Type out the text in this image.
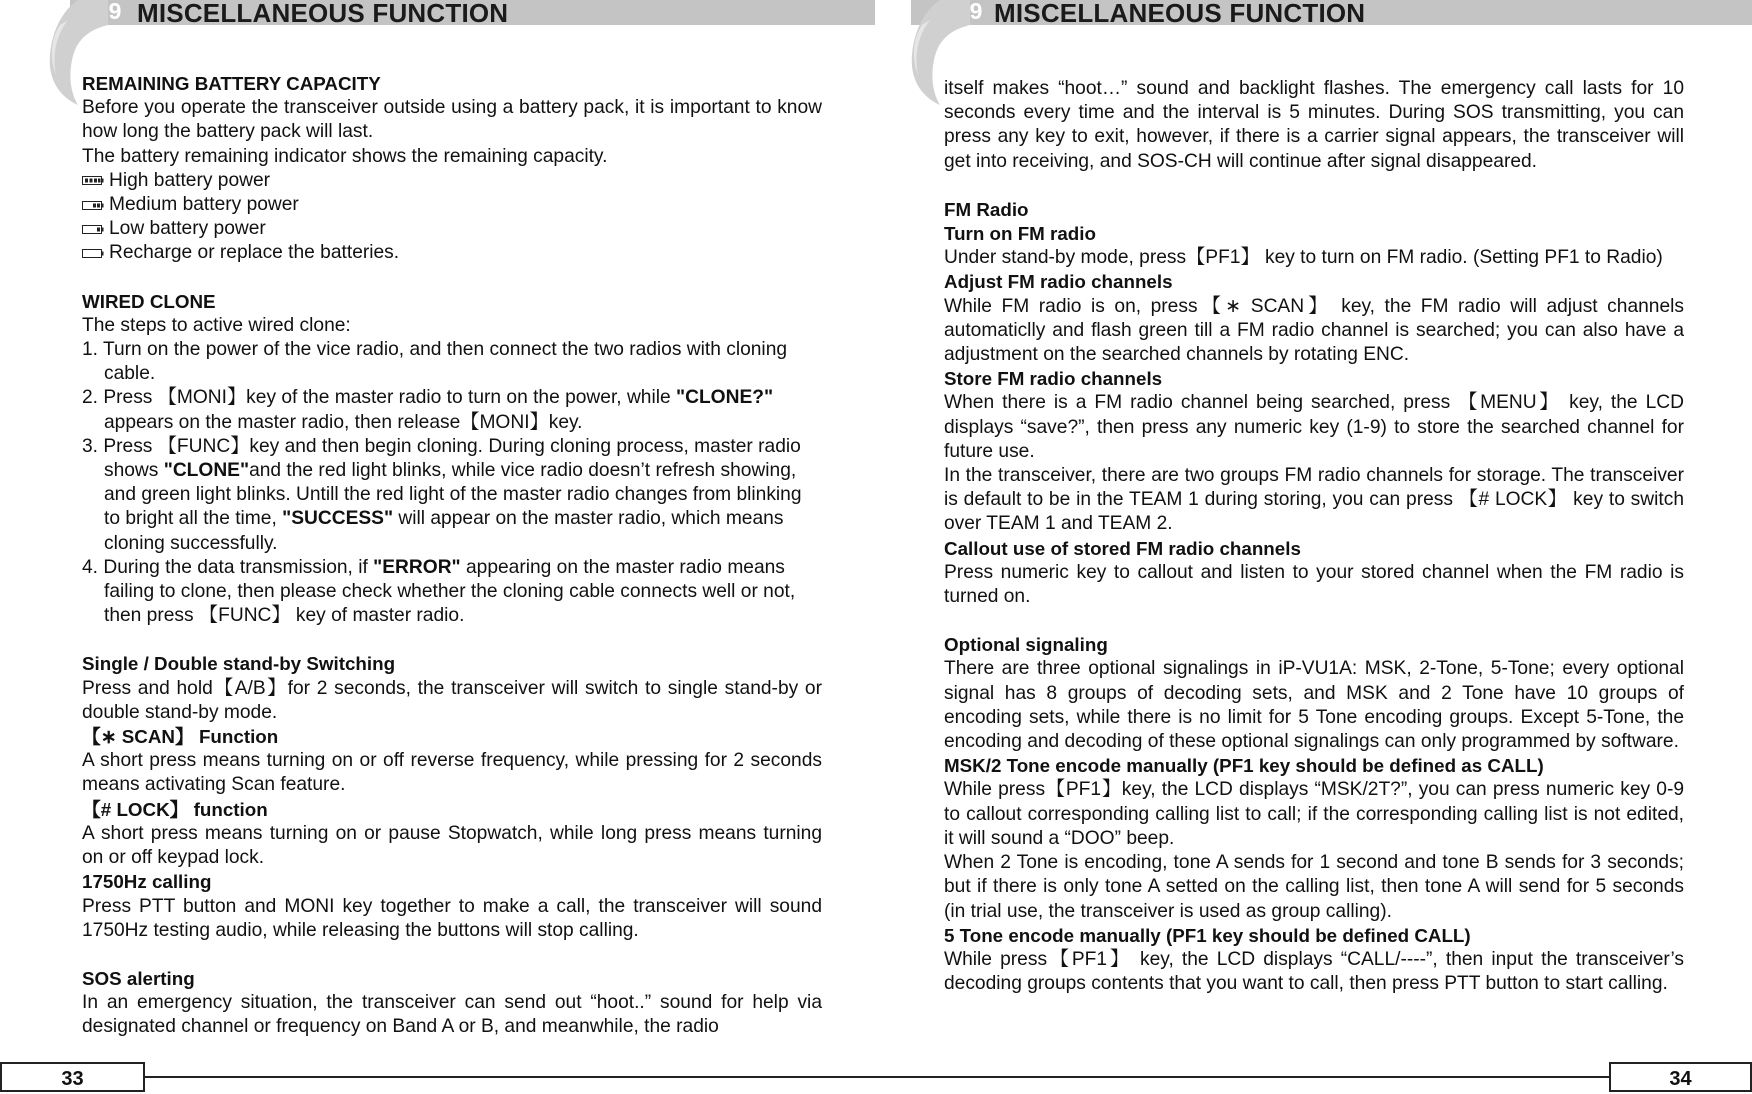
9 MISCELLANEOUS FUNCTION

REMAINING BATTERY CAPACITY

Before you operate the transceiver outside using a battery pack, it is important to know how long the battery pack will last.

The battery remaining indicator shows the remaining capacity.

High battery power

Medium battery power

Low battery power

Recharge or replace the batteries.

WIRED CLONE

The steps to active wired clone:

1. Turn on the power of the vice radio, and then connect the two radios with cloning cable.

2. Press 【MONI】key of the master radio to turn on the power, while "CLONE?" appears on the master radio, then release【MONI】key.

3. Press 【FUNC】key and then begin cloning. During cloning process, master radio shows "CLONE"and the red light blinks, while vice radio doesn’t refresh showing, and green light blinks. Untill the red light of the master radio changes from blinking to bright all the time, "SUCCESS" will appear on the master radio, which means cloning successfully.

4. During the data transmission, if "ERROR" appearing on the master radio means failing to clone, then please check whether the cloning cable connects well or not, then press 【FUNC】 key of master radio.

Single / Double stand-by Switching

Press and hold【A/B】for 2 seconds, the transceiver will switch to single stand-by or double stand-by mode.

【∗ SCAN】 Function

A short press means turning on or off reverse frequency, while pressing for 2 seconds means activating Scan feature.

【# LOCK】 function

A short press means turning on or pause Stopwatch, while long press means turning on or off keypad lock.

1750Hz calling

Press PTT button and MONI key together to make a call, the transceiver will sound 1750Hz testing audio, while releasing the buttons will stop calling.

SOS alerting

In an emergency situation, the transceiver can send out “hoot..” sound for help via designated channel or frequency on Band A or B, and meanwhile, the radio

33
9 MISCELLANEOUS FUNCTION

itself makes “hoot…” sound and backlight flashes. The emergency call lasts for 10 seconds every time and the interval is 5 minutes. During SOS transmitting, you can press any key to exit, however, if there is a carrier signal appears, the transceiver will get into receiving, and SOS-CH will continue after signal disappeared.

FM Radio

Turn on FM radio

Under stand-by mode, press【PF1】 key to turn on FM radio. (Setting PF1 to Radio)

Adjust FM radio channels

While FM radio is on, press【∗ SCAN】 key, the FM radio will adjust channels automaticlly and flash green till a FM radio channel is searched; you can also have a adjustment on the searched channels by rotating ENC.

Store FM radio channels

When there is a FM radio channel being searched, press 【MENU】 key, the LCD displays “save?”, then press any numeric key (1-9) to store the searched channel for future use.

In the transceiver, there are two groups FM radio channels for storage. The transceiver is default to be in the TEAM 1 during storing, you can press 【# LOCK】 key to switch over TEAM 1 and TEAM 2.

Callout use of stored FM radio channels

Press numeric key to callout and listen to your stored channel when the FM radio is turned on.

Optional signaling

There are three optional signalings in iP-VU1A: MSK, 2-Tone, 5-Tone; every optional signal has 8 groups of decoding sets, and MSK and 2 Tone have 10 groups of encoding sets, while there is no limit for 5 Tone encoding groups. Except 5-Tone, the encoding and decoding of these optional signalings can only programmed by software.

MSK/2 Tone encode manually (PF1 key should be defined as CALL)

While press【PF1】key, the LCD displays “MSK/2T?”, you can press numeric key 0-9 to callout corresponding calling list to call; if the corresponding calling list is not edited, it will sound a “DOO” beep.

When 2 Tone is encoding, tone A sends for 1 second and tone B sends for 3 seconds; but if there is only tone A setted on the calling list, then tone A will send for 5 seconds (in trial use, the transceiver is used as group calling).

5 Tone encode manually (PF1 key should be defined CALL)

While press【PF1】 key, the LCD displays “CALL/----”, then input the transceiver’s decoding groups contents that you want to call, then press PTT button to start calling.

34
